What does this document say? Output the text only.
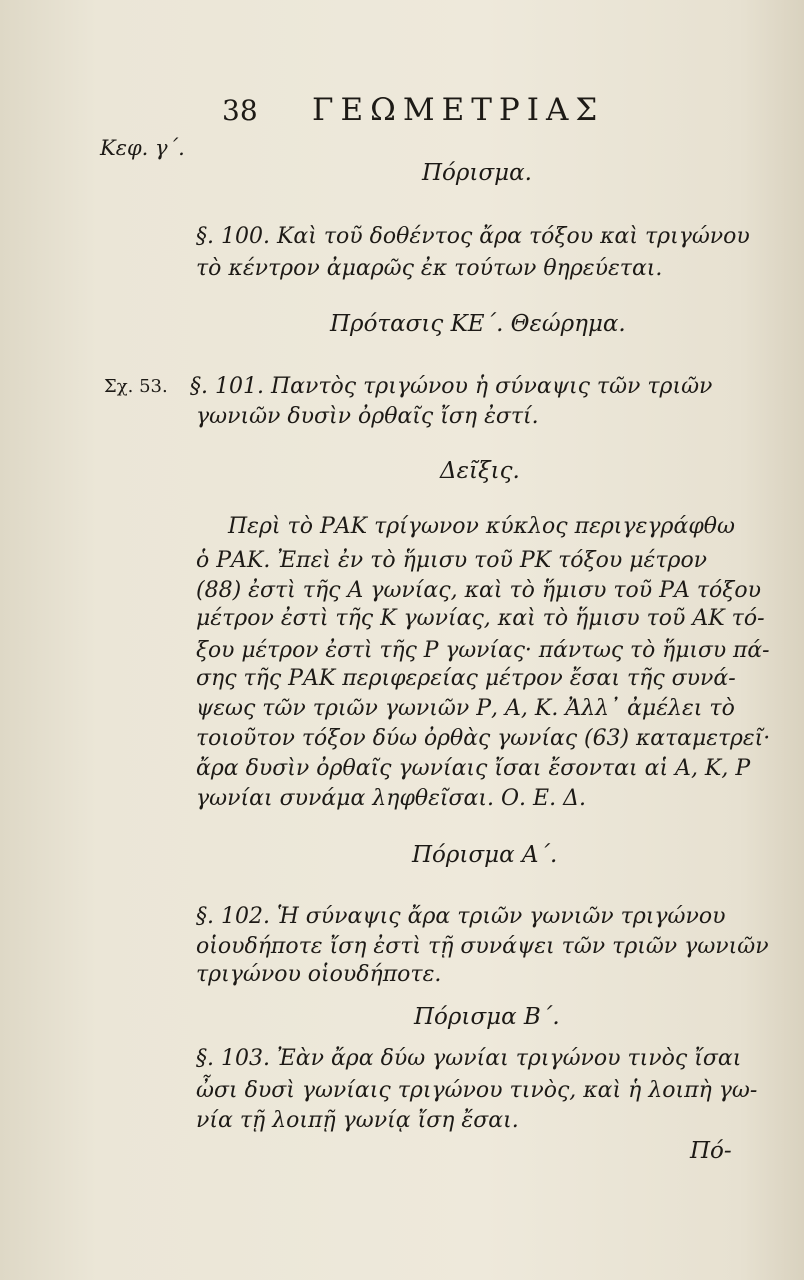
38 ΓΕΩΜΕΤΡΙΑΣ
Κεφ. γ΄.
Πόρισμα.
§. 100. Καὶ τοῦ δοθέντος ἄρα τόξου καὶ τριγώνου
τὸ κέντρον ἀμαρῶς ἐκ τούτων θηρεύεται.
Πρότασις ΚΕ΄. Θεώρημα.
Σχ. 53. §. 101. Παντὸς τριγώνου ἡ σύναψις τῶν τριῶν
γωνιῶν δυσὶν ὀρθαῖς ἴση ἐστί.
Δεῖξις.
Περὶ τὸ ΡΑΚ τρίγωνον κύκλος περιγεγράφθω
ὁ ΡΑΚ. Ἐπεὶ ἐν τὸ ἥμισυ τοῦ ΡΚ τόξου μέτρον
(88) ἐστὶ τῆς Α γωνίας, καὶ τὸ ἥμισυ τοῦ ΡΑ τόξου
μέτρον ἐστὶ τῆς Κ γωνίας, καὶ τὸ ἥμισυ τοῦ ΑΚ τό-
ξου μέτρον ἐστὶ τῆς Ρ γωνίας· πάντως τὸ ἥμισυ πά-
σης τῆς ΡΑΚ περιφερείας μέτρον ἔσαι τῆς συνά-
ψεως τῶν τριῶν γωνιῶν Ρ, Α, Κ. Ἀλλ᾽ ἀμέλει τὸ
τοιοῦτον τόξον δύω ὀρθὰς γωνίας (63) καταμετρεῖ·
ἄρα δυσὶν ὀρθαῖς γωνίαις ἴσαι ἔσονται αἱ Α, Κ, Ρ
γωνίαι συνάμα ληφθεῖσαι. Ο. Ε. Δ.
Πόρισμα Α΄.
§. 102. Ἡ σύναψις ἄρα τριῶν γωνιῶν τριγώνου
οἱουδήποτε ἴση ἐστὶ τῇ συνάψει τῶν τριῶν γωνιῶν
τριγώνου οἱουδήποτε.
Πόρισμα Β΄.
§. 103. Ἐὰν ἄρα δύω γωνίαι τριγώνου τινὸς ἴσαι
ὦσι δυσὶ γωνίαις τριγώνου τινὸς, καὶ ἡ λοιπὴ γω-
νία τῇ λοιπῇ γωνίᾳ ἴση ἔσαι.
Πό-
